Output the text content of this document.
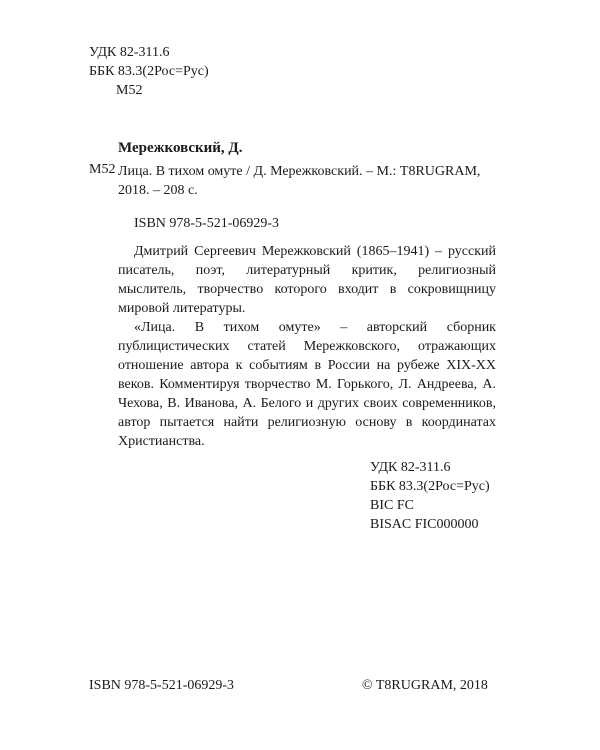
УДК 82-311.6
ББК 83.3(2Рос=Рус)
М52
Мережковский, Д.
М52 Лица. В тихом омуте / Д. Мережковский. – М.: T8RUGRAM,
2018. – 208 с.
ISBN 978-5-521-06929-3

Дмитрий Сергеевич Мережковский (1865–1941) – русский писатель, поэт, литературный критик, религиозный мыслитель, творчество которого входит в сокровищницу мировой литературы.

«Лица. В тихом омуте» – авторский сборник публицистических статей Мережковского, отражающих отношение автора к событиям в России на рубеже XIX-XX веков. Комментируя творчество М. Горького, Л. Андреева, А. Чехова, В. Иванова, А. Белого и других своих современников, автор пытается найти религиозную основу в координатах Христианства.

УДК 82-311.6
ББК 83.3(2Рос=Рус)
BIC FC
BISAC FIC000000
ISBN 978-5-521-06929-3	© T8RUGRAM, 2018
